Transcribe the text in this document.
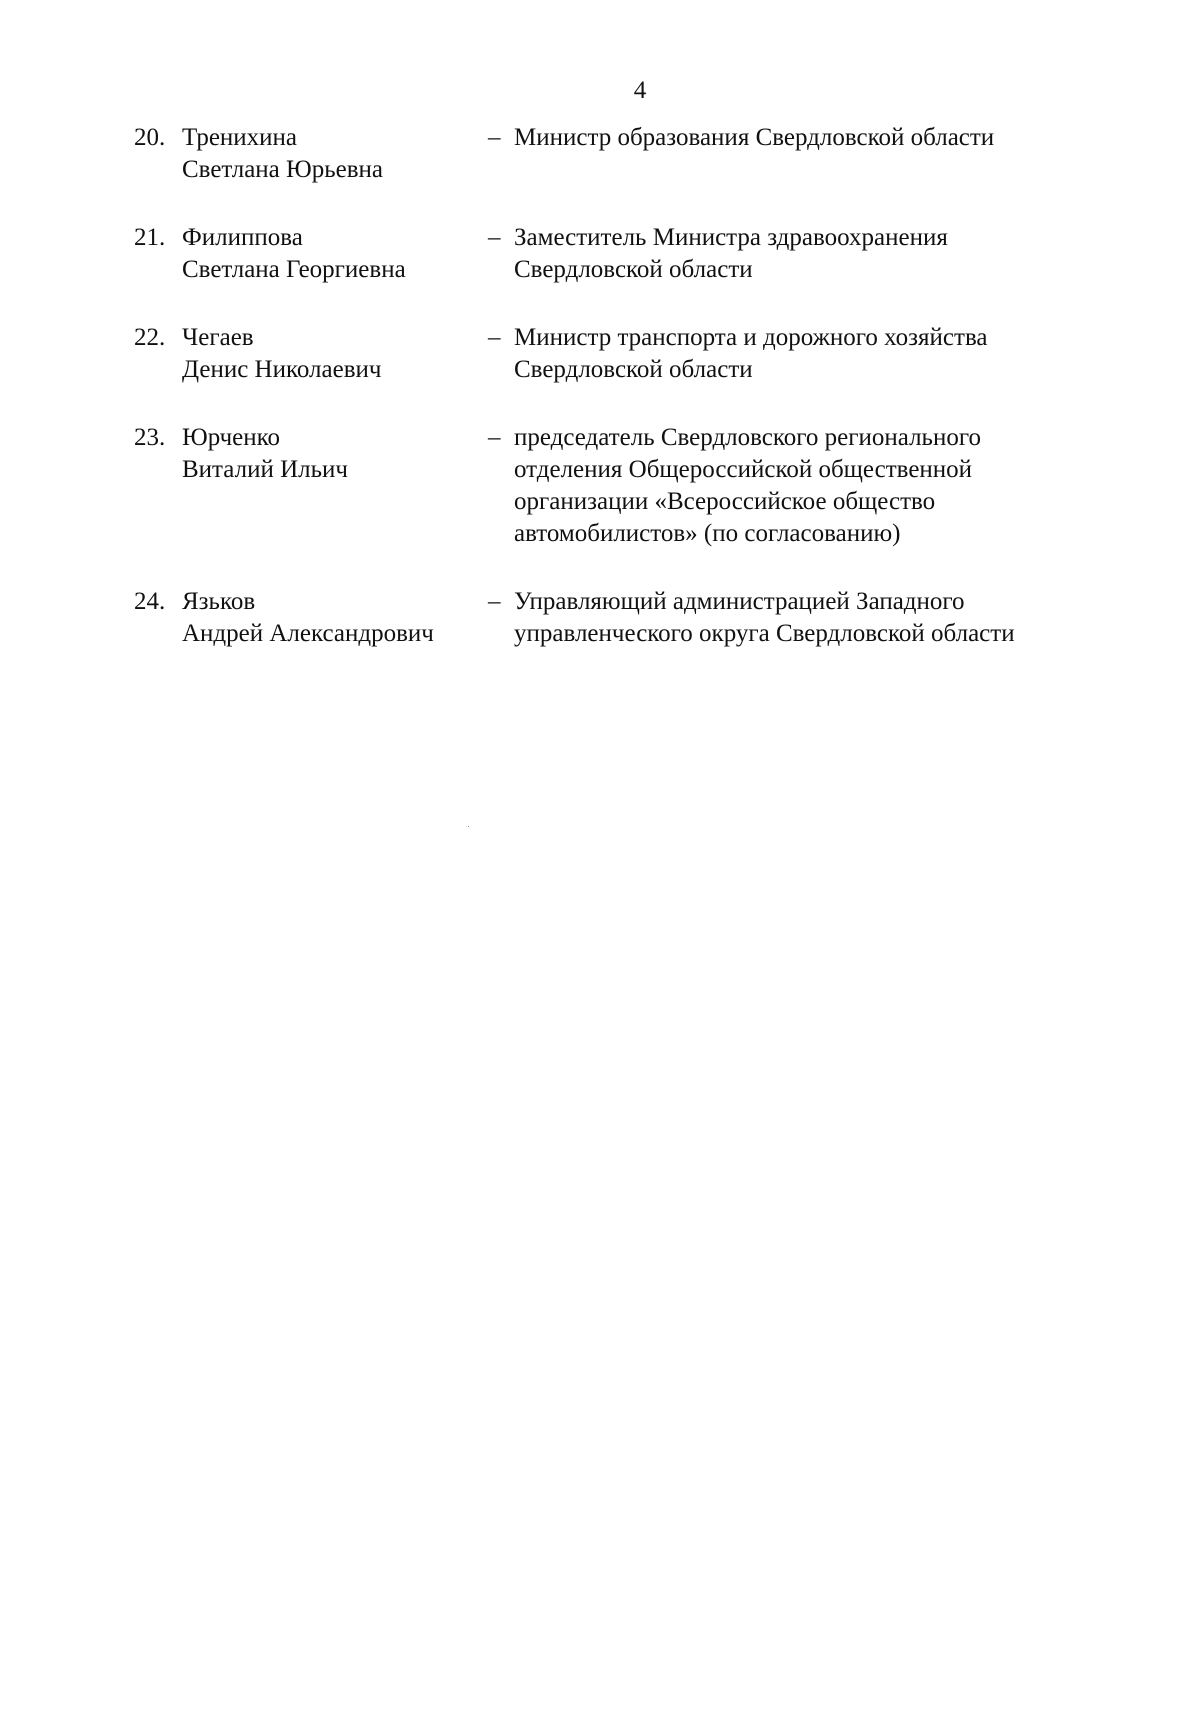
4
20. Тренихина
Светлана Юрьевна
– Министр образования Свердловской области
21. Филиппова
Светлана Георгиевна
– Заместитель Министра здравоохранения
Свердловской области
22. Чегаев
Денис Николаевич
– Министр транспорта и дорожного хозяйства
Свердловской области
23. Юрченко
Виталий Ильич
– председатель Свердловского регионального
отделения Общероссийской общественной
организации «Всероссийское общество
автомобилистов» (по согласованию)
24. Язьков
Андрей Александрович
– Управляющий администрацией Западного
управленческого округа Свердловской области
